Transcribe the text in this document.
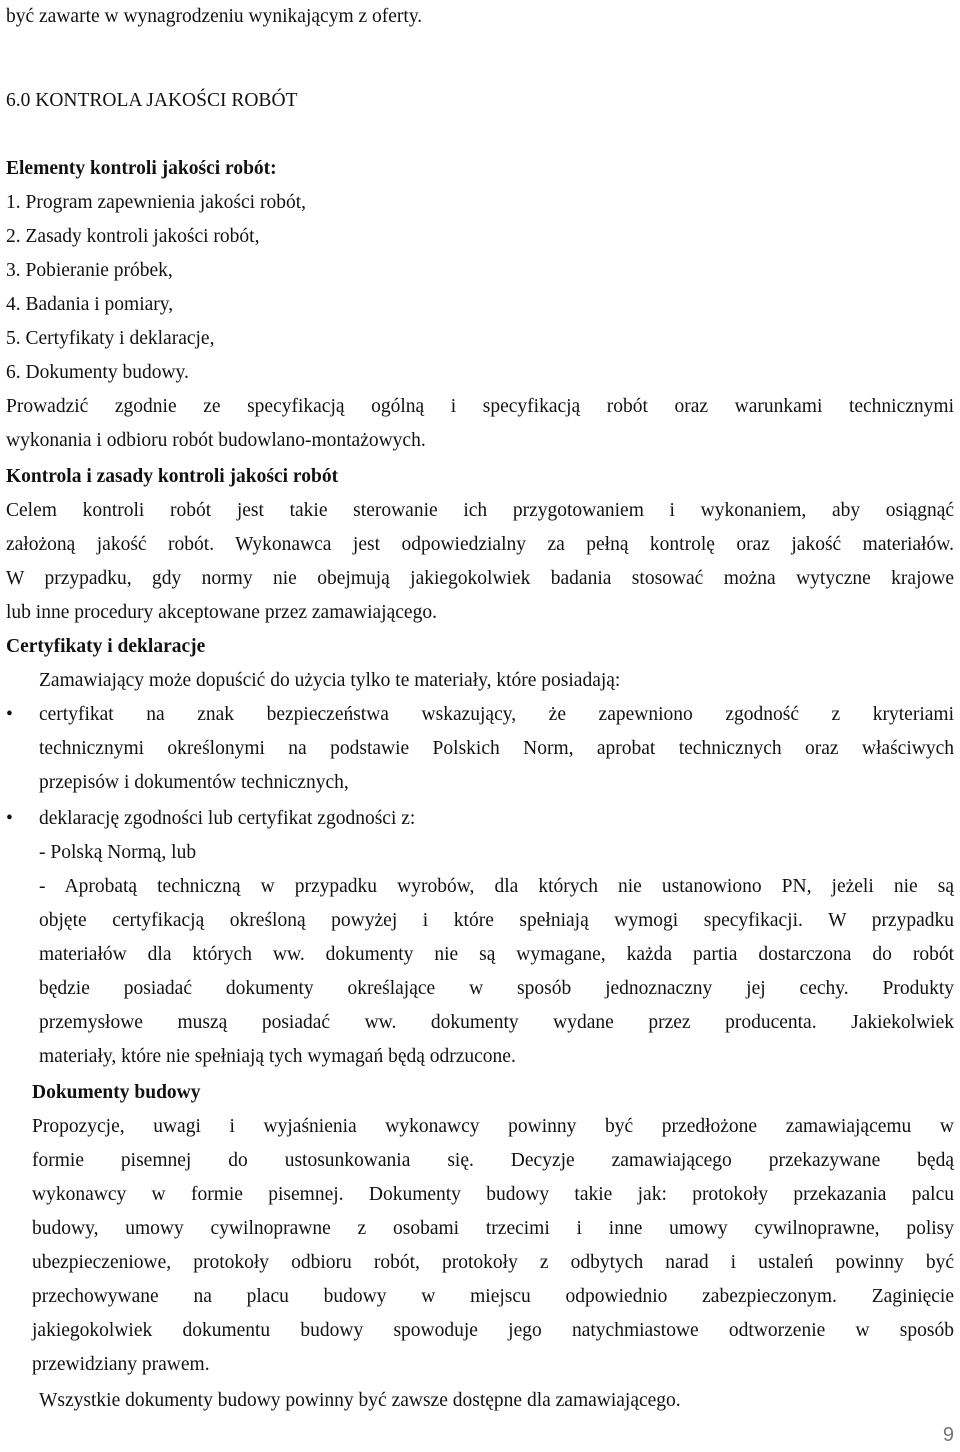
być zawarte w wynagrodzeniu wynikającym z oferty.
6.0 KONTROLA JAKOŚCI ROBÓT
Elementy kontroli jakości robót:
1. Program zapewnienia jakości robót,
2. Zasady kontroli jakości robót,
3. Pobieranie próbek,
4. Badania i pomiary,
5. Certyfikaty i deklaracje,
6. Dokumenty budowy.
Prowadzić zgodnie ze specyfikacją ogólną i specyfikacją robót oraz warunkami technicznymi
wykonania i odbioru robót budowlano-montażowych.
Kontrola i zasady kontroli jakości robót
Celem kontroli robót jest takie sterowanie ich przygotowaniem i wykonaniem, aby osiągnąć
założoną jakość robót. Wykonawca jest odpowiedzialny za pełną kontrolę oraz jakość materiałów.
W przypadku, gdy normy nie obejmują jakiegokolwiek badania stosować można wytyczne krajowe
lub inne procedury akceptowane przez zamawiającego.
Certyfikaty i deklaracje
Zamawiający może dopuścić do użycia tylko te materiały, które posiadają:
• certyfikat na znak bezpieczeństwa wskazujący, że zapewniono zgodność z kryteriami
technicznymi określonymi na podstawie Polskich Norm, aprobat technicznych oraz właściwych
przepisów i dokumentów technicznych,
• deklarację zgodności lub certyfikat zgodności z:
- Polską Normą, lub
- Aprobatą techniczną w przypadku wyrobów, dla których nie ustanowiono PN, jeżeli nie są
objęte certyfikacją określoną powyżej i które spełniają wymogi specyfikacji. W przypadku
materiałów dla których ww. dokumenty nie są wymagane, każda partia dostarczona do robót
będzie posiadać dokumenty określające w sposób jednoznaczny jej cechy. Produkty
przemysłowe muszą posiadać ww. dokumenty wydane przez producenta. Jakiekolwiek
materiały, które nie spełniają tych wymagań będą odrzucone.
Dokumenty budowy
Propozycje, uwagi i wyjaśnienia wykonawcy powinny być przedłożone zamawiającemu w
formie pisemnej do ustosunkowania się. Decyzje zamawiającego przekazywane będą
wykonawcy w formie pisemnej. Dokumenty budowy takie jak: protokoły przekazania palcu
budowy, umowy cywilnoprawne z osobami trzecimi i inne umowy cywilnoprawne, polisy
ubezpieczeniowe, protokoły odbioru robót, protokoły z odbytych narad i ustaleń powinny być
przechowywane na placu budowy w miejscu odpowiednio zabezpieczonym. Zaginięcie
jakiegokolwiek dokumentu budowy spowoduje jego natychmiastowe odtworzenie w sposób
przewidziany prawem.
Wszystkie dokumenty budowy powinny być zawsze dostępne dla zamawiającego.
9
